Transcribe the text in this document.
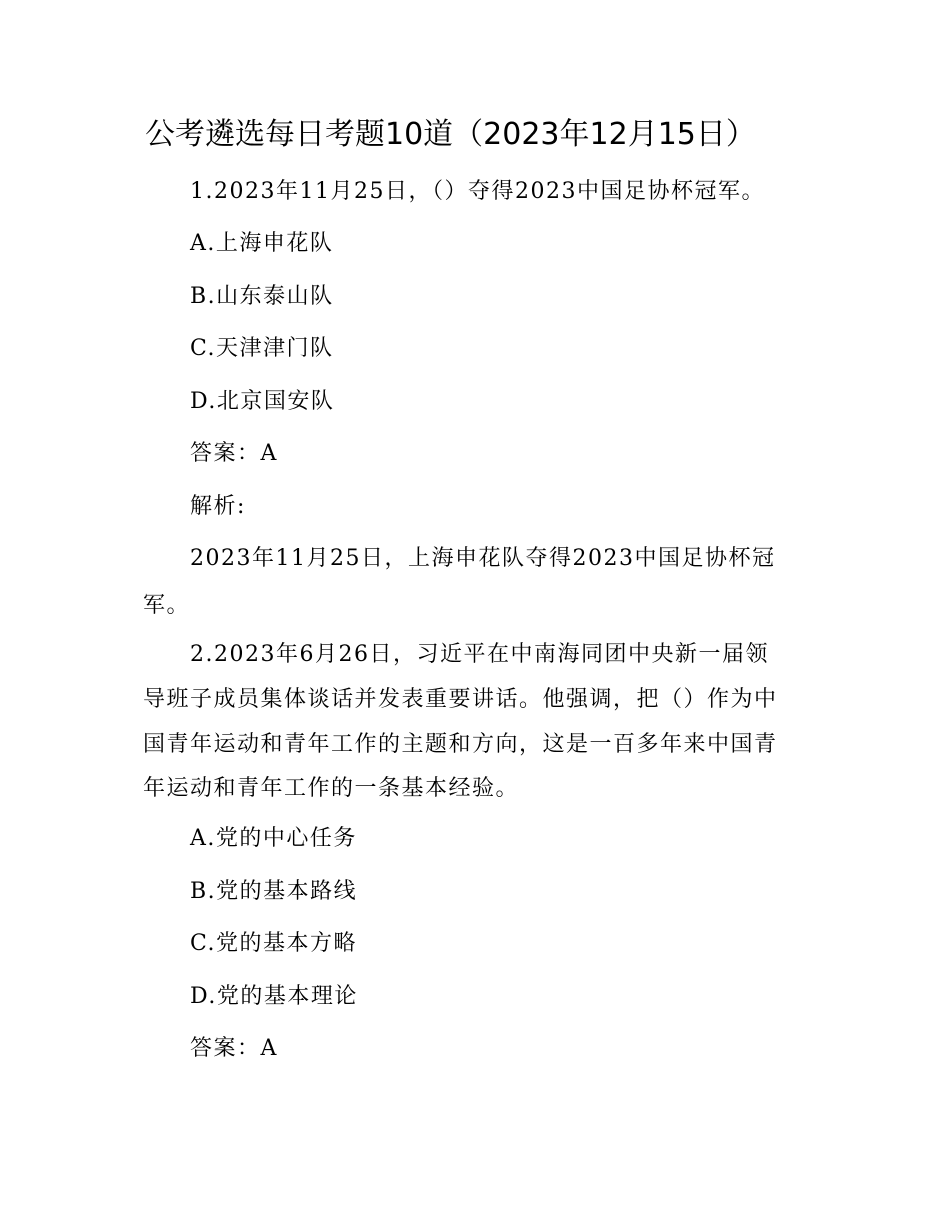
公考遴选每日考题10道（2023年12月15日）
1.2023年11月25日，（）夺得2023中国足协杯冠军。
A.上海申花队
B.山东泰山队
C.天津津门队
D.北京国安队
答案：A
解析:
2023年11月25日，上海申花队夺得2023中国足协杯冠
军。
2.2023年6月26日，习近平在中南海同团中央新一届领
导班子成员集体谈话并发表重要讲话。他强调，把（）作为中
国青年运动和青年工作的主题和方向，这是一百多年来中国青
年运动和青年工作的一条基本经验。
A.党的中心任务
B.党的基本路线
C.党的基本方略
D.党的基本理论
答案：A
